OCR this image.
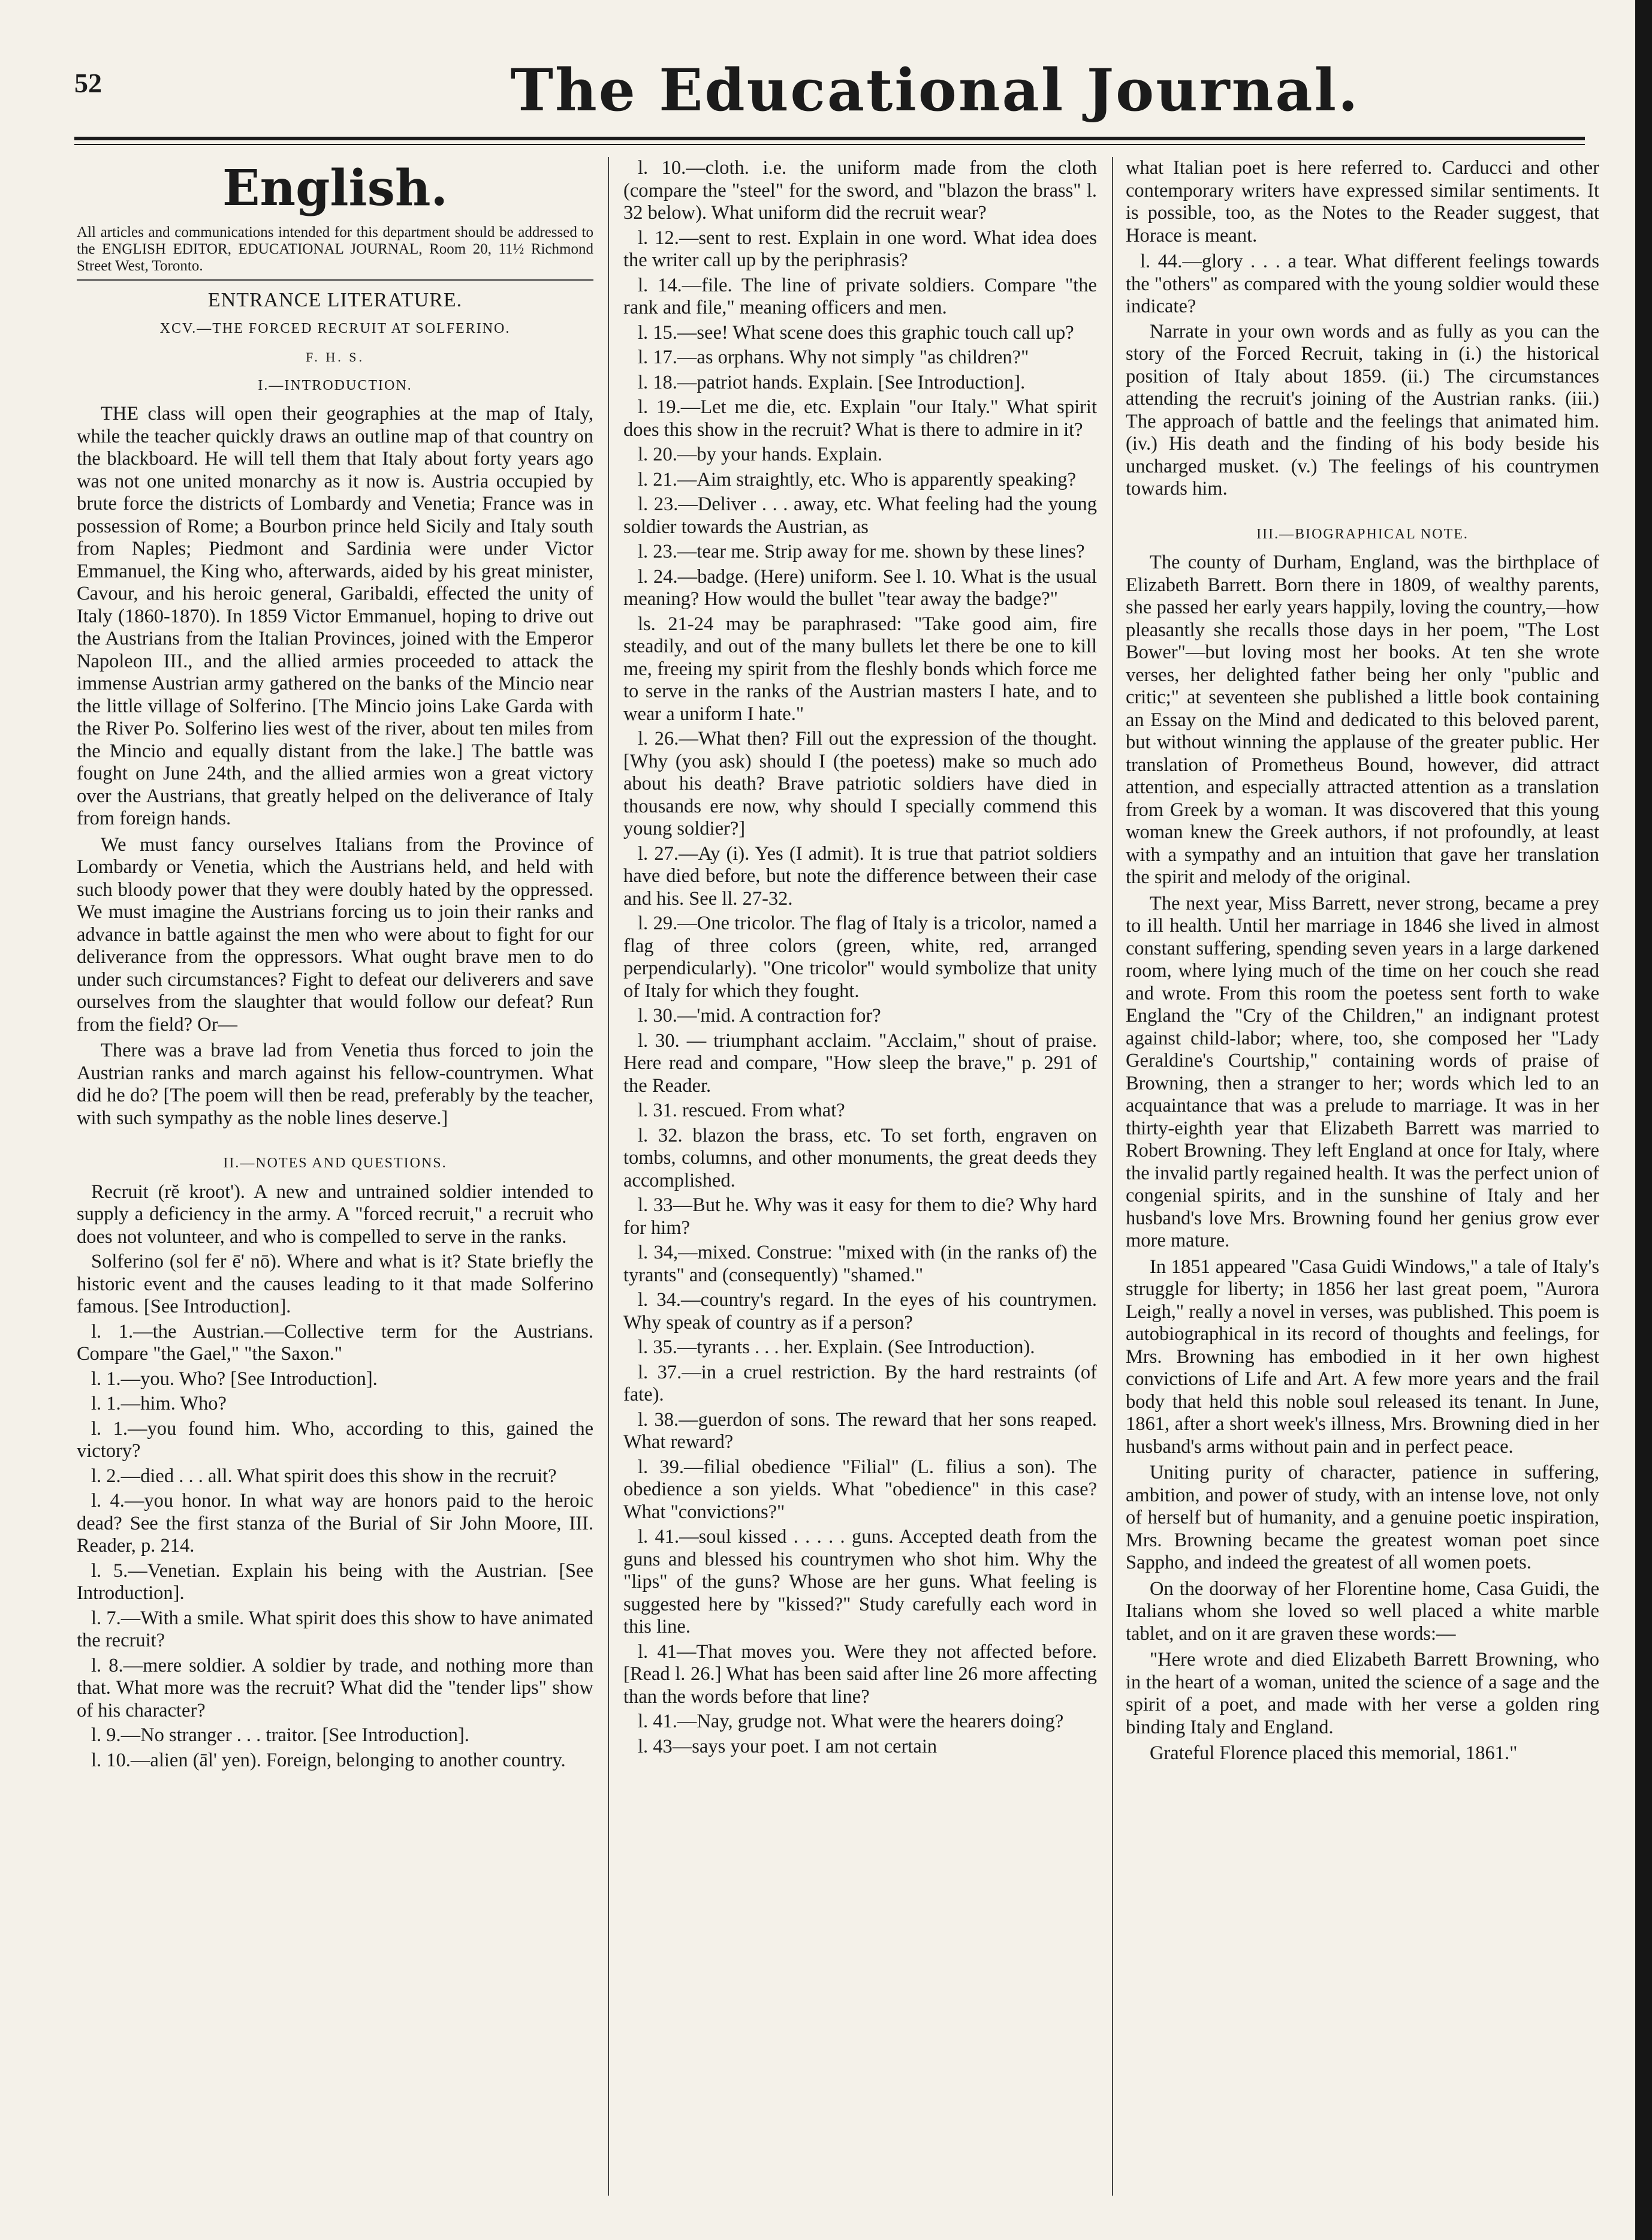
52	The Educational Journal.
English.

All articles and communications intended for this department should be addressed to the ENGLISH EDITOR, EDUCATIONAL JOURNAL, Room 20, 11½ Richmond Street West, Toronto.

ENTRANCE LITERATURE.
XCV.—THE FORCED RECRUIT AT SOLFERINO.
F. H. S.
I.—INTRODUCTION.

THE class will open their geographies at the map of Italy, while the teacher quickly draws an outline map of that country on the blackboard. He will tell them that Italy about forty years ago was not one united monarchy as it now is. Austria occupied by brute force the districts of Lombardy and Venetia; France was in possession of Rome; a Bourbon prince held Sicily and Italy south from Naples; Piedmont and Sardinia were under Victor Emmanuel, the King who, afterwards, aided by his great minister, Cavour, and his heroic general, Garibaldi, effected the unity of Italy (1860-1870). In 1859 Victor Emmanuel, hoping to drive out the Austrians from the Italian Provinces, joined with the Emperor Napoleon III., and the allied armies proceeded to attack the immense Austrian army gathered on the banks of the Mincio near the little village of Solferino. [The Mincio joins Lake Garda with the River Po. Solferino lies west of the river, about ten miles from the Mincio and equally distant from the lake.] The battle was fought on June 24th, and the allied armies won a great victory over the Austrians, that greatly helped on the deliverance of Italy from foreign hands.

We must fancy ourselves Italians from the Province of Lombardy or Venetia, which the Austrians held, and held with such bloody power that they were doubly hated by the oppressed. We must imagine the Austrians forcing us to join their ranks and advance in battle against the men who were about to fight for our deliverance from the oppressors. What ought brave men to do under such circumstances? Fight to defeat our deliverers and save ourselves from the slaughter that would follow our defeat? Run from the field? Or—

There was a brave lad from Venetia thus forced to join the Austrian ranks and march against his fellow-countrymen. What did he do? [The poem will then be read, preferably by the teacher, with such sympathy as the noble lines deserve.]

II.—NOTES AND QUESTIONS.

Recruit (rĕ kroot'). A new and untrained soldier intended to supply a deficiency in the army. A "forced recruit," a recruit who does not volunteer, and who is compelled to serve in the ranks.

Solferino (sol fer ē' nō). Where and what is it? State briefly the historic event and the causes leading to it that made Solferino famous. [See Introduction].

l. 1.—the Austrian.—Collective term for the Austrians. Compare "the Gael," "the Saxon."

l. 1.—you. Who? [See Introduction].

l. 1.—him. Who?

l. 1.—you found him. Who, according to this, gained the victory?

l. 2.—died . . . all. What spirit does this show in the recruit?

l. 4.—you honor. In what way are honors paid to the heroic dead? See the first stanza of the Burial of Sir John Moore, III. Reader, p. 214.

l. 5.—Venetian. Explain his being with the Austrian. [See Introduction].

l. 7.—With a smile. What spirit does this show to have animated the recruit?

l. 8.—mere soldier. A soldier by trade, and nothing more than that. What more was the recruit? What did the "tender lips" show of his character?

l. 9.—No stranger . . . traitor. [See Introduction].

l. 10.—alien (āl' yen). Foreign, belonging to another country.

l. 10.—cloth. i.e. the uniform made from the cloth (compare the "steel" for the sword, and "blazon the brass" l. 32 below). What uniform did the recruit wear?

l. 12.—sent to rest. Explain in one word. What idea does the writer call up by the periphrasis?

l. 14.—file. The line of private soldiers. Compare "the rank and file," meaning officers and men.

l. 15.—see! What scene does this graphic touch call up?

l. 17.—as orphans. Why not simply "as children?"

l. 18.—patriot hands. Explain. [See Introduction].

l. 19.—Let me die, etc. Explain "our Italy." What spirit does this show in the recruit? What is there to admire in it?

l. 20.—by your hands. Explain.

l. 21.—Aim straightly, etc. Who is apparently speaking?

l. 23.—Deliver . . . away, etc. What feeling had the young soldier towards the Austrian, as

l. 23.—tear me. Strip away for me. shown by these lines?

l. 24.—badge. (Here) uniform. See l. 10. What is the usual meaning? How would the bullet "tear away the badge?"

ls. 21-24 may be paraphrased: "Take good aim, fire steadily, and out of the many bullets let there be one to kill me, freeing my spirit from the fleshly bonds which force me to serve in the ranks of the Austrian masters I hate, and to wear a uniform I hate."

l. 26.—What then? Fill out the expression of the thought. [Why (you ask) should I (the poetess) make so much ado about his death? Brave patriotic soldiers have died in thousands ere now, why should I specially commend this young soldier?]

l. 27.—Ay (i). Yes (I admit). It is true that patriot soldiers have died before, but note the difference between their case and his. See ll. 27-32.

l. 29.—One tricolor. The flag of Italy is a tricolor, named a flag of three colors (green, white, red, arranged perpendicularly). "One tricolor" would symbolize that unity of Italy for which they fought.

l. 30.—'mid. A contraction for?

l. 30. — triumphant acclaim. "Acclaim," shout of praise. Here read and compare, "How sleep the brave," p. 291 of the Reader.

l. 31. rescued. From what?

l. 32. blazon the brass, etc. To set forth, engraven on tombs, columns, and other monuments, the great deeds they accomplished.

l. 33—But he. Why was it easy for them to die? Why hard for him?

l. 34,—mixed. Construe: "mixed with (in the ranks of) the tyrants" and (consequently) "shamed."

l. 34.—country's regard. In the eyes of his countrymen. Why speak of country as if a person?

l. 35.—tyrants . . . her. Explain. (See Introduction).

l. 37.—in a cruel restriction. By the hard restraints (of fate).

l. 38.—guerdon of sons. The reward that her sons reaped. What reward?

l. 39.—filial obedience "Filial" (L. filius a son). The obedience a son yields. What "obedience" in this case? What "convictions?"

l. 41.—soul kissed . . . . . guns. Accepted death from the guns and blessed his countrymen who shot him. Why the "lips" of the guns? Whose are her guns. What feeling is suggested here by "kissed?" Study carefully each word in this line.

l. 41—That moves you. Were they not affected before. [Read l. 26.] What has been said after line 26 more affecting than the words before that line?

l. 41.—Nay, grudge not. What were the hearers doing?

l. 43—says your poet. I am not certain

what Italian poet is here referred to. Carducci and other contemporary writers have expressed similar sentiments. It is possible, too, as the Notes to the Reader suggest, that Horace is meant.

l. 44.—glory . . . a tear. What different feelings towards the "others" as compared with the young soldier would these indicate?

Narrate in your own words and as fully as you can the story of the Forced Recruit, taking in (i.) the historical position of Italy about 1859. (ii.) The circumstances attending the recruit's joining of the Austrian ranks. (iii.) The approach of battle and the feelings that animated him. (iv.) His death and the finding of his body beside his uncharged musket. (v.) The feelings of his countrymen towards him.

III.—BIOGRAPHICAL NOTE.

The county of Durham, England, was the birthplace of Elizabeth Barrett. Born there in 1809, of wealthy parents, she passed her early years happily, loving the country,—how pleasantly she recalls those days in her poem, "The Lost Bower"—but loving most her books. At ten she wrote verses, her delighted father being her only "public and critic;" at seventeen she published a little book containing an Essay on the Mind and dedicated to this beloved parent, but without winning the applause of the greater public. Her translation of Prometheus Bound, however, did attract attention, and especially attracted attention as a translation from Greek by a woman. It was discovered that this young woman knew the Greek authors, if not profoundly, at least with a sympathy and an intuition that gave her translation the spirit and melody of the original.

The next year, Miss Barrett, never strong, became a prey to ill health. Until her marriage in 1846 she lived in almost constant suffering, spending seven years in a large darkened room, where lying much of the time on her couch she read and wrote. From this room the poetess sent forth to wake England the "Cry of the Children," an indignant protest against child-labor; where, too, she composed her "Lady Geraldine's Courtship," containing words of praise of Browning, then a stranger to her; words which led to an acquaintance that was a prelude to marriage. It was in her thirty-eighth year that Elizabeth Barrett was married to Robert Browning. They left England at once for Italy, where the invalid partly regained health. It was the perfect union of congenial spirits, and in the sunshine of Italy and her husband's love Mrs. Browning found her genius grow ever more mature.

In 1851 appeared "Casa Guidi Windows," a tale of Italy's struggle for liberty; in 1856 her last great poem, "Aurora Leigh," really a novel in verses, was published. This poem is autobiographical in its record of thoughts and feelings, for Mrs. Browning has embodied in it her own highest convictions of Life and Art. A few more years and the frail body that held this noble soul released its tenant. In June, 1861, after a short week's illness, Mrs. Browning died in her husband's arms without pain and in perfect peace.

Uniting purity of character, patience in suffering, ambition, and power of study, with an intense love, not only of herself but of humanity, and a genuine poetic inspiration, Mrs. Browning became the greatest woman poet since Sappho, and indeed the greatest of all women poets.

On the doorway of her Florentine home, Casa Guidi, the Italians whom she loved so well placed a white marble tablet, and on it are graven these words:—

"Here wrote and died Elizabeth Barrett Browning, who in the heart of a woman, united the science of a sage and the spirit of a poet, and made with her verse a golden ring binding Italy and England.

Grateful Florence placed this memorial, 1861."
